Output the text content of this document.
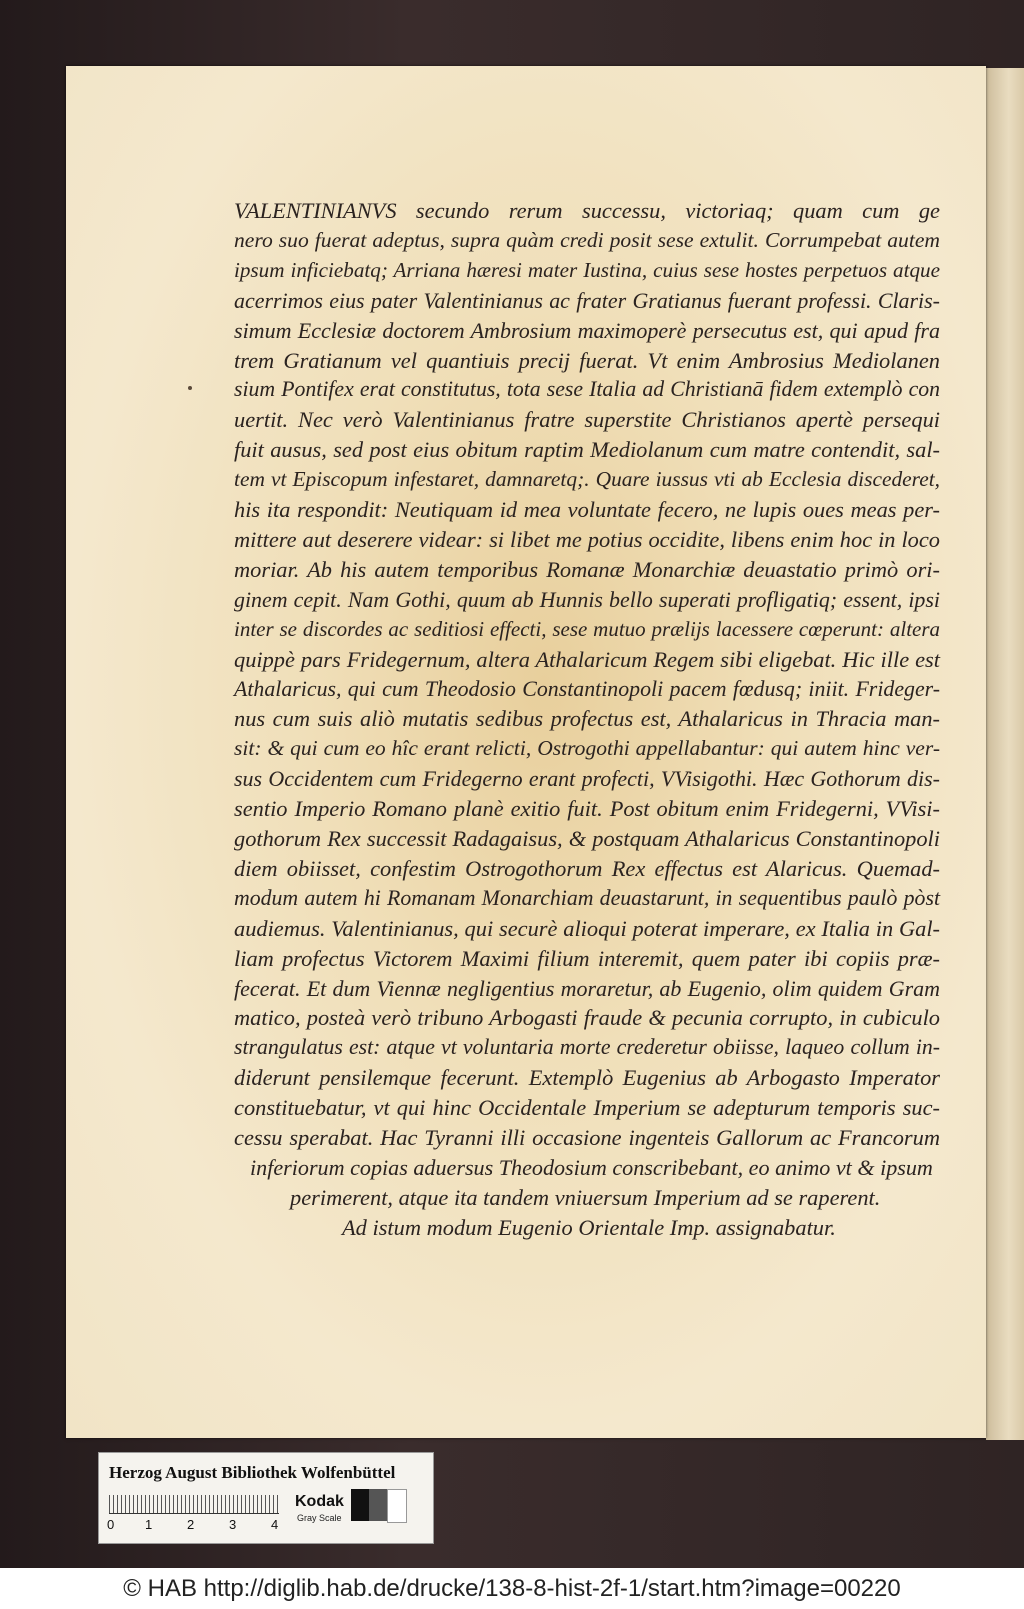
VALENTINIANVS secundo rerum successu, victoriaq; quam cum ge
nero suo fuerat adeptus, supra quàm credi posit sese extulit. Corrumpebat autem
ipsum inficiebatq; Arriana hæresi mater Iustina, cuius sese hostes perpetuos atque
acerrimos eius pater Valentinianus ac frater Gratianus fuerant professi. Claris-
simum Ecclesiæ doctorem Ambrosium maximoperè persecutus est, qui apud fra
trem Gratianum vel quantiuis precij fuerat. Vt enim Ambrosius Mediolanen
sium Pontifex erat constitutus, tota sese Italia ad Christianā fidem extemplò con
uertit. Nec verò Valentinianus fratre superstite Christianos apertè persequi
fuit ausus, sed post eius obitum raptim Mediolanum cum matre contendit, sal-
tem vt Episcopum infestaret, damnaretq;. Quare iussus vti ab Ecclesia discederet,
his ita respondit: Neutiquam id mea voluntate fecero, ne lupis oues meas per-
mittere aut deserere videar: si libet me potius occidite, libens enim hoc in loco
moriar. Ab his autem temporibus Romanæ Monarchiæ deuastatio primò ori-
ginem cepit. Nam Gothi, quum ab Hunnis bello superati profligatiq; essent, ipsi
inter se discordes ac seditiosi effecti, sese mutuo prælijs lacessere cœperunt: altera
quippè pars Fridegernum, altera Athalaricum Regem sibi eligebat. Hic ille est
Athalaricus, qui cum Theodosio Constantinopoli pacem fœdusq; iniit. Frideger-
nus cum suis aliò mutatis sedibus profectus est, Athalaricus in Thracia man-
sit: & qui cum eo hîc erant relicti, Ostrogothi appellabantur: qui autem hinc ver-
sus Occidentem cum Fridegerno erant profecti, VVisigothi. Hæc Gothorum dis-
sentio Imperio Romano planè exitio fuit. Post obitum enim Fridegerni, VVisi-
gothorum Rex successit Radagaisus, & postquam Athalaricus Constantinopoli
diem obiisset, confestim Ostrogothorum Rex effectus est Alaricus. Quemad-
modum autem hi Romanam Monarchiam deuastarunt, in sequentibus paulò pòst
audiemus. Valentinianus, qui securè alioqui poterat imperare, ex Italia in Gal-
liam profectus Victorem Maximi filium interemit, quem pater ibi copiis præ-
fecerat. Et dum Viennæ negligentius moraretur, ab Eugenio, olim quidem Gram
matico, posteà verò tribuno Arbogasti fraude & pecunia corrupto, in cubiculo
strangulatus est: atque vt voluntaria morte crederetur obiisse, laqueo collum in-
diderunt pensilemque fecerunt. Extemplò Eugenius ab Arbogasto Imperator
constituebatur, vt qui hinc Occidentale Imperium se adepturum temporis suc-
cessu sperabat. Hac Tyranni illi occasione ingenteis Gallorum ac Francorum
inferiorum copias aduersus Theodosium conscribebant, eo animo vt & ipsum
perimerent, atque ita tandem vniuersum Imperium ad se raperent.
Ad istum modum Eugenio Orientale Imp. assignabatur.
Herzog August Bibliothek Wolfenbüttel
0 1	2	3	4
Kodak
Gray Scale
© HAB http://diglib.hab.de/drucke/138-8-hist-2f-1/start.htm?image=00220
